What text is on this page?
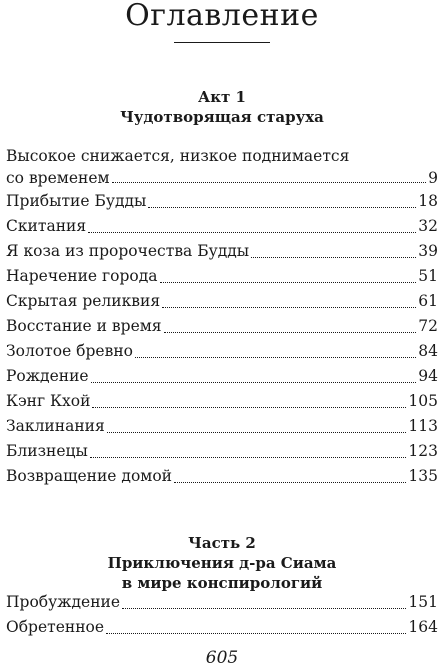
Оглавление
Акт 1
Чудотворящая старуха
Высокое снижается, низкое поднимается
со временем	9
Прибытие Будды	18
Скитания	32
Я коза из пророчества Будды	39
Наречение города	51
Скрытая реликвия	61
Восстание и время	72
Золотое бревно	84
Рождение	94
Кэнг Кхой	105
Заклинания	113
Близнецы	123
Возвращение домой	135
Часть 2
Приключения д-ра Сиама
в мире конспирологий
Пробуждение	151
Обретенное	164
605
